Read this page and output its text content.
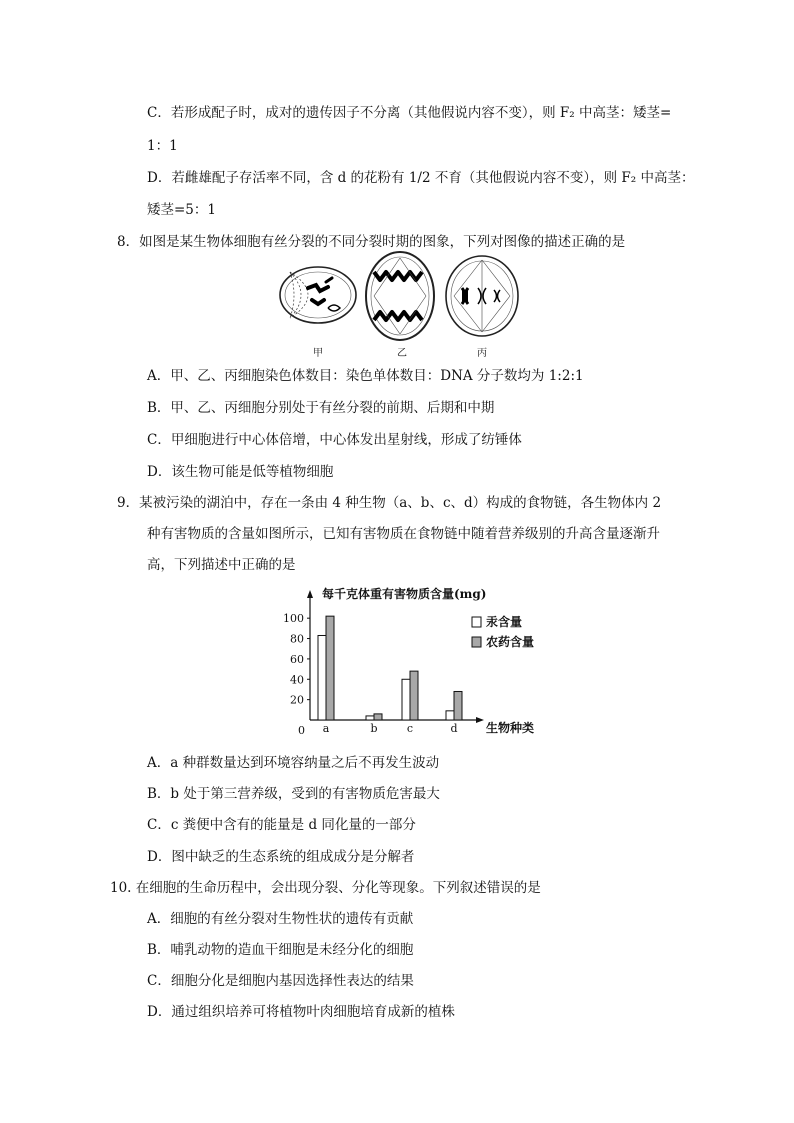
C．若形成配子时，成对的遗传因子不分离（其他假说内容不变），则 F₂ 中高茎：矮茎=
1：1
D．若雌雄配子存活率不同，含 d 的花粉有 1/2 不育（其他假说内容不变），则 F₂ 中高茎：
矮茎=5：1
8．如图是某生物体细胞有丝分裂的不同分裂时期的图象，下列对图像的描述正确的是
甲	乙	丙
A．甲、乙、丙细胞染色体数目：染色单体数目：DNA 分子数均为 1:2:1
B．甲、乙、丙细胞分别处于有丝分裂的前期、后期和中期
C．甲细胞进行中心体倍增，中心体发出星射线，形成了纺锤体
D．该生物可能是低等植物细胞
9．某被污染的湖泊中，存在一条由 4 种生物（a、b、c、d）构成的食物链，各生物体内 2
种有害物质的含量如图所示，已知有害物质在食物链中随着营养级别的升高含量逐渐升
高，下列描述中正确的是
每千克体重有害物质含量(mg)
0	生物种类
20
40
60
80
100
a	b	c	d
汞含量
农药含量
A．a 种群数量达到环境容纳量之后不再发生波动
B．b 处于第三营养级，受到的有害物质危害最大
C．c 粪便中含有的能量是 d 同化量的一部分
D．图中缺乏的生态系统的组成成分是分解者
10. 在细胞的生命历程中，会出现分裂、分化等现象。下列叙述错误的是
A．细胞的有丝分裂对生物性状的遗传有贡献
B．哺乳动物的造血干细胞是未经分化的细胞
C．细胞分化是细胞内基因选择性表达的结果
D．通过组织培养可将植物叶肉细胞培育成新的植株
